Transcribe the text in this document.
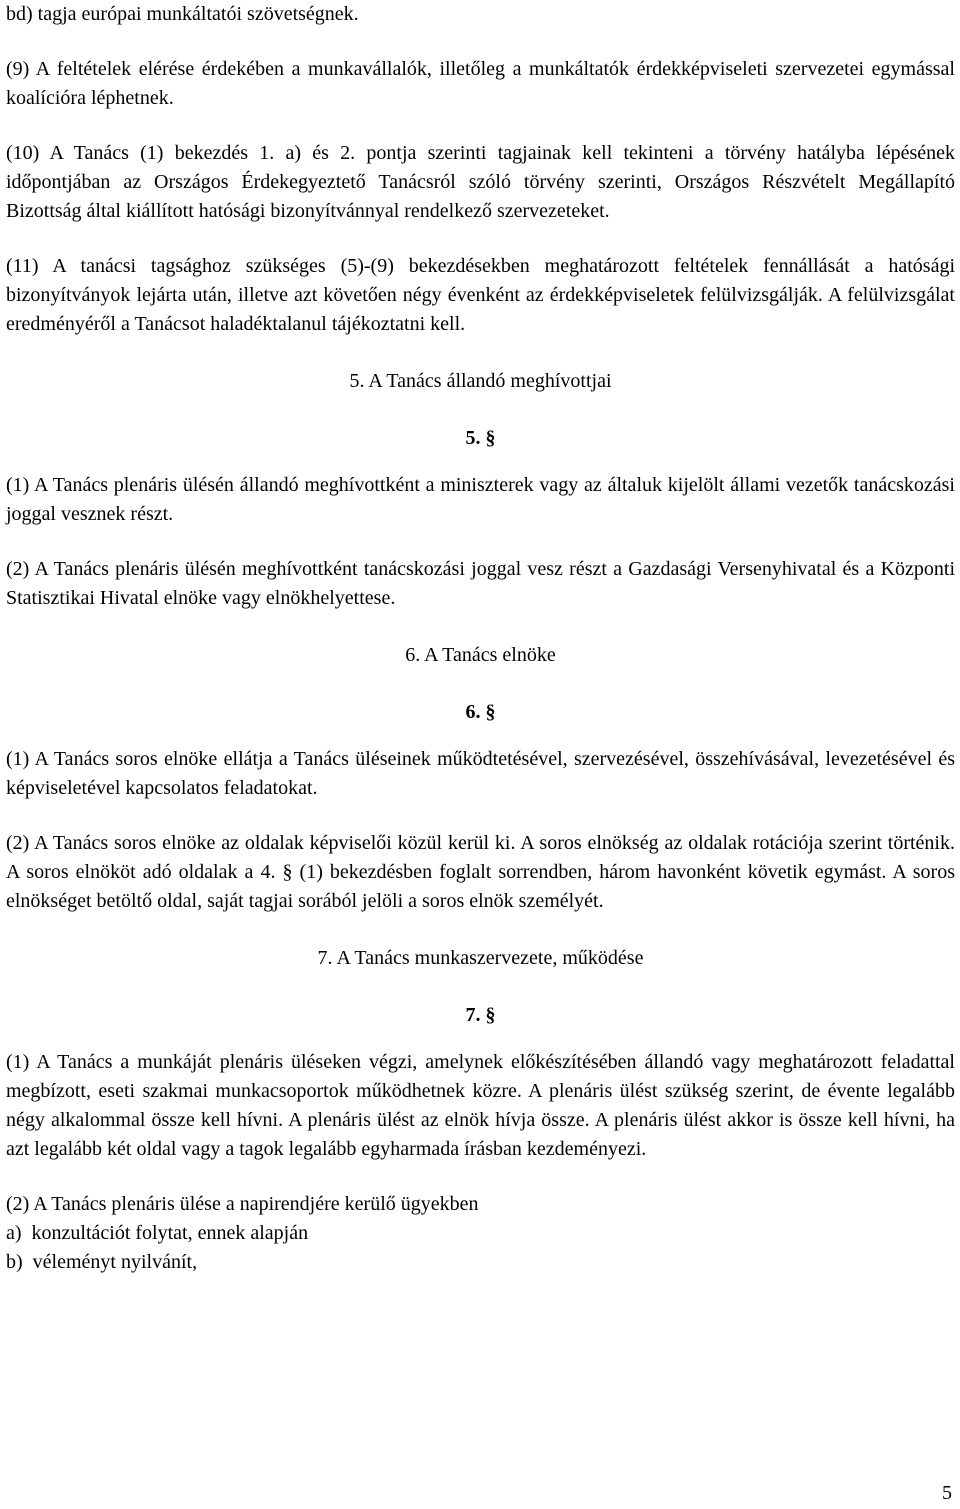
bd) tagja európai munkáltatói szövetségnek.

(9) A feltételek elérése érdekében a munkavállalók, illetőleg a munkáltatók érdekképviseleti szervezetei egymással koalícióra léphetnek.

(10) A Tanács (1) bekezdés 1. a) és 2. pontja szerinti tagjainak kell tekinteni a törvény hatályba lépésének időpontjában az Országos Érdekegyeztető Tanácsról szóló törvény szerinti, Országos Részvételt Megállapító Bizottság által kiállított hatósági bizonyítvánnyal rendelkező szervezeteket.

(11) A tanácsi tagsághoz szükséges (5)-(9) bekezdésekben meghatározott feltételek fennállását a hatósági bizonyítványok lejárta után, illetve azt követően négy évenként az érdekképviseletek felülvizsgálják. A felülvizsgálat eredményéről a Tanácsot haladéktalanul tájékoztatni kell.

5. A Tanács állandó meghívottjai

5. §

(1) A Tanács plenáris ülésén állandó meghívottként a miniszterek vagy az általuk kijelölt állami vezetők tanácskozási joggal vesznek részt.

(2) A Tanács plenáris ülésén meghívottként tanácskozási joggal vesz részt a Gazdasági Versenyhivatal és a Központi Statisztikai Hivatal elnöke vagy elnökhelyettese.

6. A Tanács elnöke

6. §

(1) A Tanács soros elnöke ellátja a Tanács üléseinek működtetésével, szervezésével, összehívásával, levezetésével és képviseletével kapcsolatos feladatokat.

(2) A Tanács soros elnöke az oldalak képviselői közül kerül ki. A soros elnökség az oldalak rotációja szerint történik. A soros elnököt adó oldalak a 4. § (1) bekezdésben foglalt sorrendben, három havonként követik egymást. A soros elnökséget betöltő oldal, saját tagjai sorából jelöli a soros elnök személyét.

7. A Tanács munkaszervezete, működése

7. §

(1) A Tanács a munkáját plenáris üléseken végzi, amelynek előkészítésében állandó vagy meghatározott feladattal megbízott, eseti szakmai munkacsoportok működhetnek közre. A plenáris ülést szükség szerint, de évente legalább négy alkalommal össze kell hívni. A plenáris ülést az elnök hívja össze. A plenáris ülést akkor is össze kell hívni, ha azt legalább két oldal vagy a tagok legalább egyharmada írásban kezdeményezi.

(2) A Tanács plenáris ülése a napirendjére kerülő ügyekben

a)  konzultációt folytat, ennek alapján

b)  véleményt nyilvánít,

5
